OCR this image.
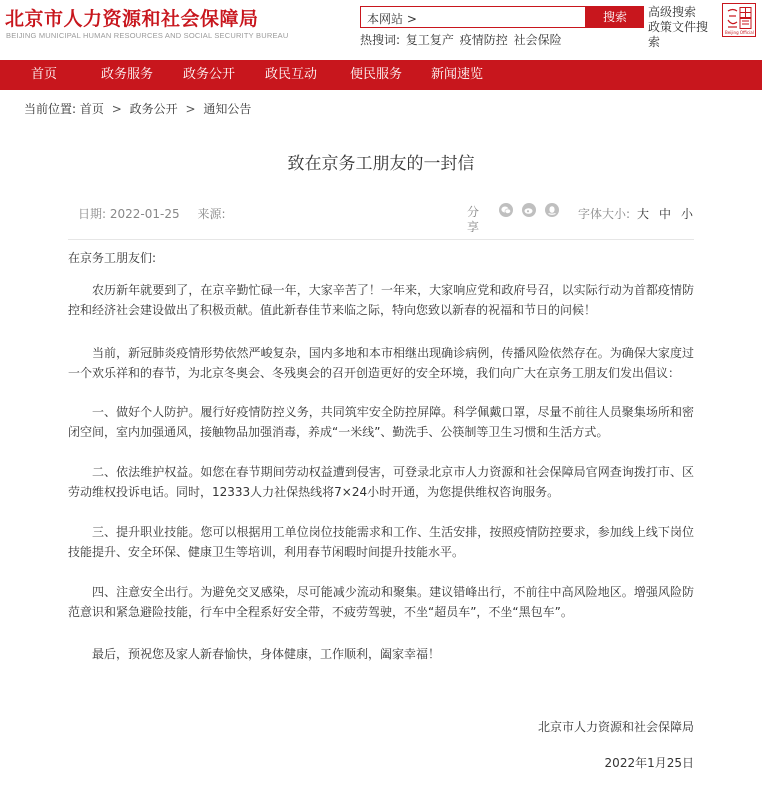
北京市人力资源和社会保障局
BEIJING MUNICIPAL HUMAN RESOURCES AND SOCIAL SECURITY BUREAU
本网站 >	搜索
热搜词: 复工复产 疫情防控 社会保险
高级搜索
政策文件搜索
Beijing Official
首页	政务服务 政务公开 政民互动	便民服务 新闻速览
当前位置: 首页 > 政务公开 > 通知公告
致在京务工朋友的一封信
日期: 2022-01-25 来源:	分享
字体大小: 大 中 小
在京务工朋友们:
农历新年就要到了，在京辛勤忙碌一年，大家辛苦了！一年来，大家响应党和政府号召，以实际行动为首都疫情防控和经济社会建设做出了积极贡献。值此新春佳节来临之际，特向您致以新春的祝福和节日的问候！
当前，新冠肺炎疫情形势依然严峻复杂，国内多地和本市相继出现确诊病例，传播风险依然存在。为确保大家度过一个欢乐祥和的春节，为北京冬奥会、冬残奥会的召开创造更好的安全环境，我们向广大在京务工朋友们发出倡议：
一、做好个人防护。履行好疫情防控义务，共同筑牢安全防控屏障。科学佩戴口罩，尽量不前往人员聚集场所和密闭空间，室内加强通风，接触物品加强消毒，养成“一米线”、勤洗手、公筷制等卫生习惯和生活方式。
二、依法维护权益。如您在春节期间劳动权益遭到侵害，可登录北京市人力资源和社会保障局官网查询拨打市、区劳动维权投诉电话。同时，12333人力社保热线将7×24小时开通，为您提供维权咨询服务。
三、提升职业技能。您可以根据用工单位岗位技能需求和工作、生活安排，按照疫情防控要求，参加线上线下岗位技能提升、安全环保、健康卫生等培训，利用春节闲暇时间提升技能水平。
四、注意安全出行。为避免交叉感染，尽可能减少流动和聚集。建议错峰出行，不前往中高风险地区。增强风险防范意识和紧急避险技能，行车中全程系好安全带，不疲劳驾驶，不坐“超员车”，不坐“黑包车”。
最后，预祝您及家人新春愉快，身体健康，工作顺利，阖家幸福！
北京市人力资源和社会保障局
2022年1月25日
